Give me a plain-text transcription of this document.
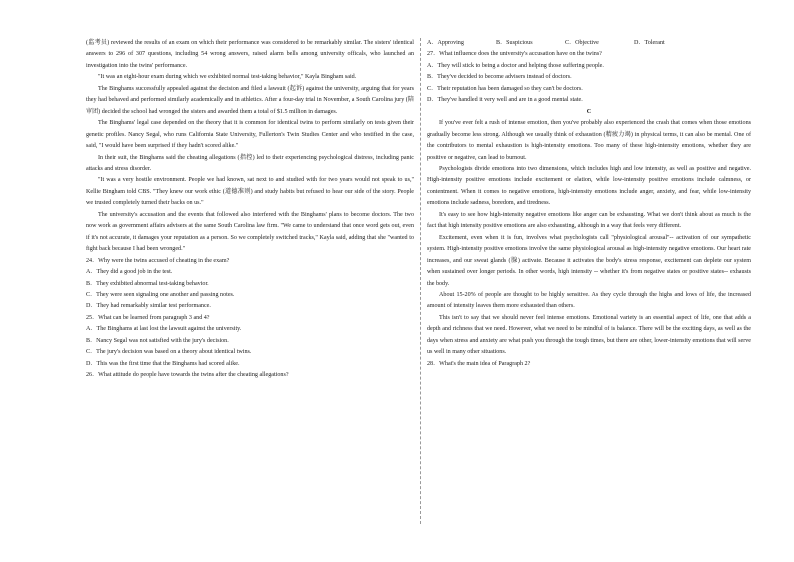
(监考员) reviewed the results of an exam on which their performance was considered to be remarkably similar. The sisters' identical answers to 296 of 307 questions, including 54 wrong answers, raised alarm bells among university officals, who launched an investigation into the twins' performance.

"It was an eight-hour exam during which we exhibited normal test-taking behavior," Kayla Bingham said.

The Binghams successfully appealed against the decision and filed a lawsuit (起诉) against the university, arguing that for years they had behaved and performed similarly academically and in athletics. After a four-day trial in November, a South Carolina jury (陪审团) decided the school had wronged the sisters and awarded them a total of $1.5 million in damages.

The Binghams' legal case depended on the theory that it is common for identical twins to perform similarly on tests given their genetic profiles. Nancy Segal, who runs California State University, Fullerton's Twin Studies Center and who testified in the case, said, "I would have been surprised if they hadn't scored alike."

In their suit, the Binghams said the cheating allegations (指控) led to their experiencing psychological distress, including panic attacks and stress disorder.

"It was a very hostile environment. People we had known, sat next to and studied with for two years would not speak to us," Kellie Bingham told CBS. "They knew our work ethic (道德准则) and study habits but refused to hear our side of the story. People we trusted completely turned their backs on us."

The university's accusation and the events that followed also interfered with the Binghams' plans to become doctors. The two now work as government affairs advisers at the same South Carolina law firm. "We came to understand that once word gets out, even if it's not accurate, it damages your reputation as a person. So we completely switched tracks," Kayla said, adding that she "wanted to fight back because I had been wronged."

24．Why were the twins accused of cheating in the exam?

A．They did a good job in the test.

B．They exhibited abnormal test-taking behavior.

C．They were seen signaling one another and passing notes.

D．They had remarkably similar test performance.

25．What can be learned from paragraph 3 and 4?

A．The Binghams at last lost the lawsuit against the university.

B．Nancy Segal was not satisfied with the jury's decision.

C．The jury's decision was based on a theory about identical twins.

D．This was the first time that the Binghams had scored alike.

26．What attitude do people have towards the twins after the cheating allegations?

A．Approving	B．Suspicious	C．Objective	D．Tolerant

27．What influence does the university's accusation have on the twins?

A．They will stick to being a doctor and helping those suffering people.

B．They've decided to become advisers instead of doctors.

C．Their reputation has been damaged so they can't be doctors.

D．They've handled it very well and are in a good mental state.

C

If you've ever felt a rush of intense emotion, then you've probably also experienced the crash that comes when those emotions gradually become less strong. Although we usually think of exhaustion (精疲力竭) in physical terms, it can also be mental. One of the contributors to mental exhaustion is high-intensity emotions. Too many of these high-intensity emotions, whether they are positive or negative, can lead to burnout.

Psychologists divide emotions into two dimensions, which includes high and low intensity, as well as positive and negative. High-intensity positive emotions include excitement or elation, while low-intensity positive emotions include calmness, or contentment. When it comes to negative emotions, high-intensity emotions include anger, anxiety, and fear, while low-intensity emotions include sadness, boredom, and tiredness.

It's easy to see how high-intensity negative emotions like anger can be exhausting. What we don't think about as much is the fact that high intensity positive emotions are also exhausting, although in a way that feels very different.

Excitement, even when it is fun, involves what psychologists call "physiological arousal"-- activation of our sympathetic system. High-intensity positive emotions involve the same physiological arousal as high-intensity negative emotions. Our heart rate increases, and our sweat glands (腺) activate. Because it activates the body's stress response, excitement can deplete our system when sustained over longer periods. In other words, high intensity -- whether it's from negative states or positive states-- exhausts the body.

About 15-20% of people are thought to be highly sensitive. As they cycle through the highs and lows of life, the increased amount of intensity leaves them more exhausted than others.

This isn't to say that we should never feel intense emotions. Emotional variety is an essential aspect of life, one that adds a depth and richness that we need. However, what we need to be mindful of is balance. There will be the exciting days, as well as the days when stress and anxiety are what push you through the tough times, but there are other, lower-intensity emotions that will serve us well in many other situations.

28．What's the main idea of Paragraph 2?
